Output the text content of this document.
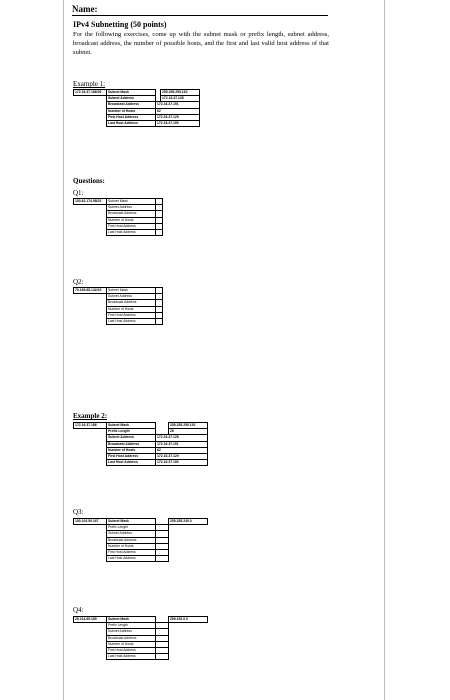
Name:
IPv4 Subnetting (50 points)
For the following exercises, come up with the subnet mask or prefix length, subnet address, broadcast address, the number of possible hosts, and the first and last valid host address of that subnet.
Example 1:
172.16.37.186/26	Subnet Mask		255.255.255.192
	Subnet Address		172.16.37.128
	Broadcast Address	172.16.37.191	
	Number of Hosts	62	
	First Host Address	172.16.37.129	
	Last Host Address	172.16.37.190	
Questions:
Q1:
153.62.174.98/23	Subnet Mask	
	Subnet Address	
	Broadcast Address	
	Number of Hosts	
	First Host Address	
	Last Host Address	
Q2:
70.169.85.142/15	Subnet Mask	
	Subnet Address	
	Broadcast Address	
	Number of Hosts	
	First Host Address	
	Last Host Address	
Example 2:
172.16.37.186	Subnet Mask		255.255.255.192
	Prefix Length		26
	Subnet Address	172.16.37.128	
	Broadcast Address	172.16.37.191	
	Number of Hosts	62	
	First Host Address	172.16.37.129	
	Last Host Address	172.16.37.190	
Q3:
190.103.50.167	Subnet Mask		255.255.240.0
	Prefix Length		
	Subnet Address		
	Broadcast Address		
	Number of Hosts		
	First Host Address		
	Last Host Address		
Q4:
25.214.69.189	Subnet Mask		255.192.0.0
	Prefix Length		
	Subnet Address		
	Broadcast Address		
	Number of Hosts		
	First Host Address		
	Last Host Address		
